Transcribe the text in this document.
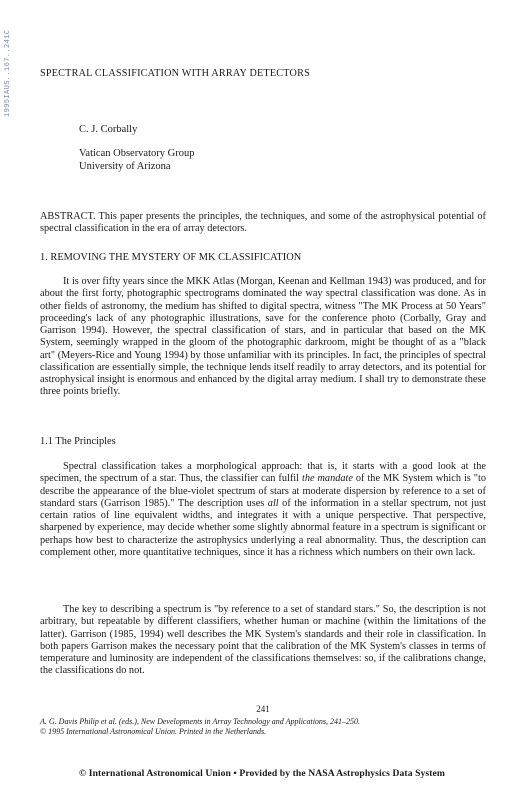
1995IAUS..167..241C	SPECTRAL CLASSIFICATION WITH ARRAY DETECTORS
C. J. Corbally
Vatican Observatory Group
University of Arizona

ABSTRACT. This paper presents the principles, the techniques, and some of the astrophysical potential of spectral classification in the era of array detectors.

1. REMOVING THE MYSTERY OF MK CLASSIFICATION

It is over fifty years since the MKK Atlas (Morgan, Keenan and Kellman 1943) was produced, and for about the first forty, photographic spectrograms dominated the way spectral classification was done. As in other fields of astronomy, the medium has shifted to digital spectra, witness "The MK Process at 50 Years" proceeding's lack of any photographic illustrations, save for the conference photo (Corbally, Gray and Garrison 1994). However, the spectral classification of stars, and in particular that based on the MK System, seemingly wrapped in the gloom of the photographic darkroom, might be thought of as a "black art" (Meyers-Rice and Young 1994) by those unfamiliar with its principles. In fact, the principles of spectral classification are essentially simple, the technique lends itself readily to array detectors, and its potential for astrophysical insight is enormous and enhanced by the digital array medium. I shall try to demonstrate these three points briefly.

1.1 The Principles

Spectral classification takes a morphological approach: that is, it starts with a good look at the specimen, the spectrum of a star. Thus, the classifier can fulfil the mandate of the MK System which is "to describe the appearance of the blue-violet spectrum of stars at moderate dispersion by reference to a set of standard stars (Garrison 1985)." The description uses all of the information in a stellar spectrum, not just certain ratios of line equivalent widths, and integrates it with a unique perspective. That perspective, sharpened by experience, may decide whether some slightly abnormal feature in a spectrum is significant or perhaps how best to characterize the astrophysics underlying a real abnormality. Thus, the description can complement other, more quantitative techniques, since it has a richness which numbers on their own lack.

The key to describing a spectrum is "by reference to a set of standard stars." So, the description is not arbitrary, but repeatable by different classifiers, whether human or machine (within the limitations of the latter). Garrison (1985, 1994) well describes the MK System's standards and their role in classification. In both papers Garrison makes the necessary point that the calibration of the MK System's classes in terms of temperature and luminosity are independent of the classifications themselves: so, if the calibrations change, the classifications do not.

241
A. G. Davis Philip et al. (eds.), New Developments in Array Technology and Applications, 241–250.
© 1995 International Astronomical Union. Printed in the Netherlands.
© International Astronomical Union • Provided by the NASA Astrophysics Data System
